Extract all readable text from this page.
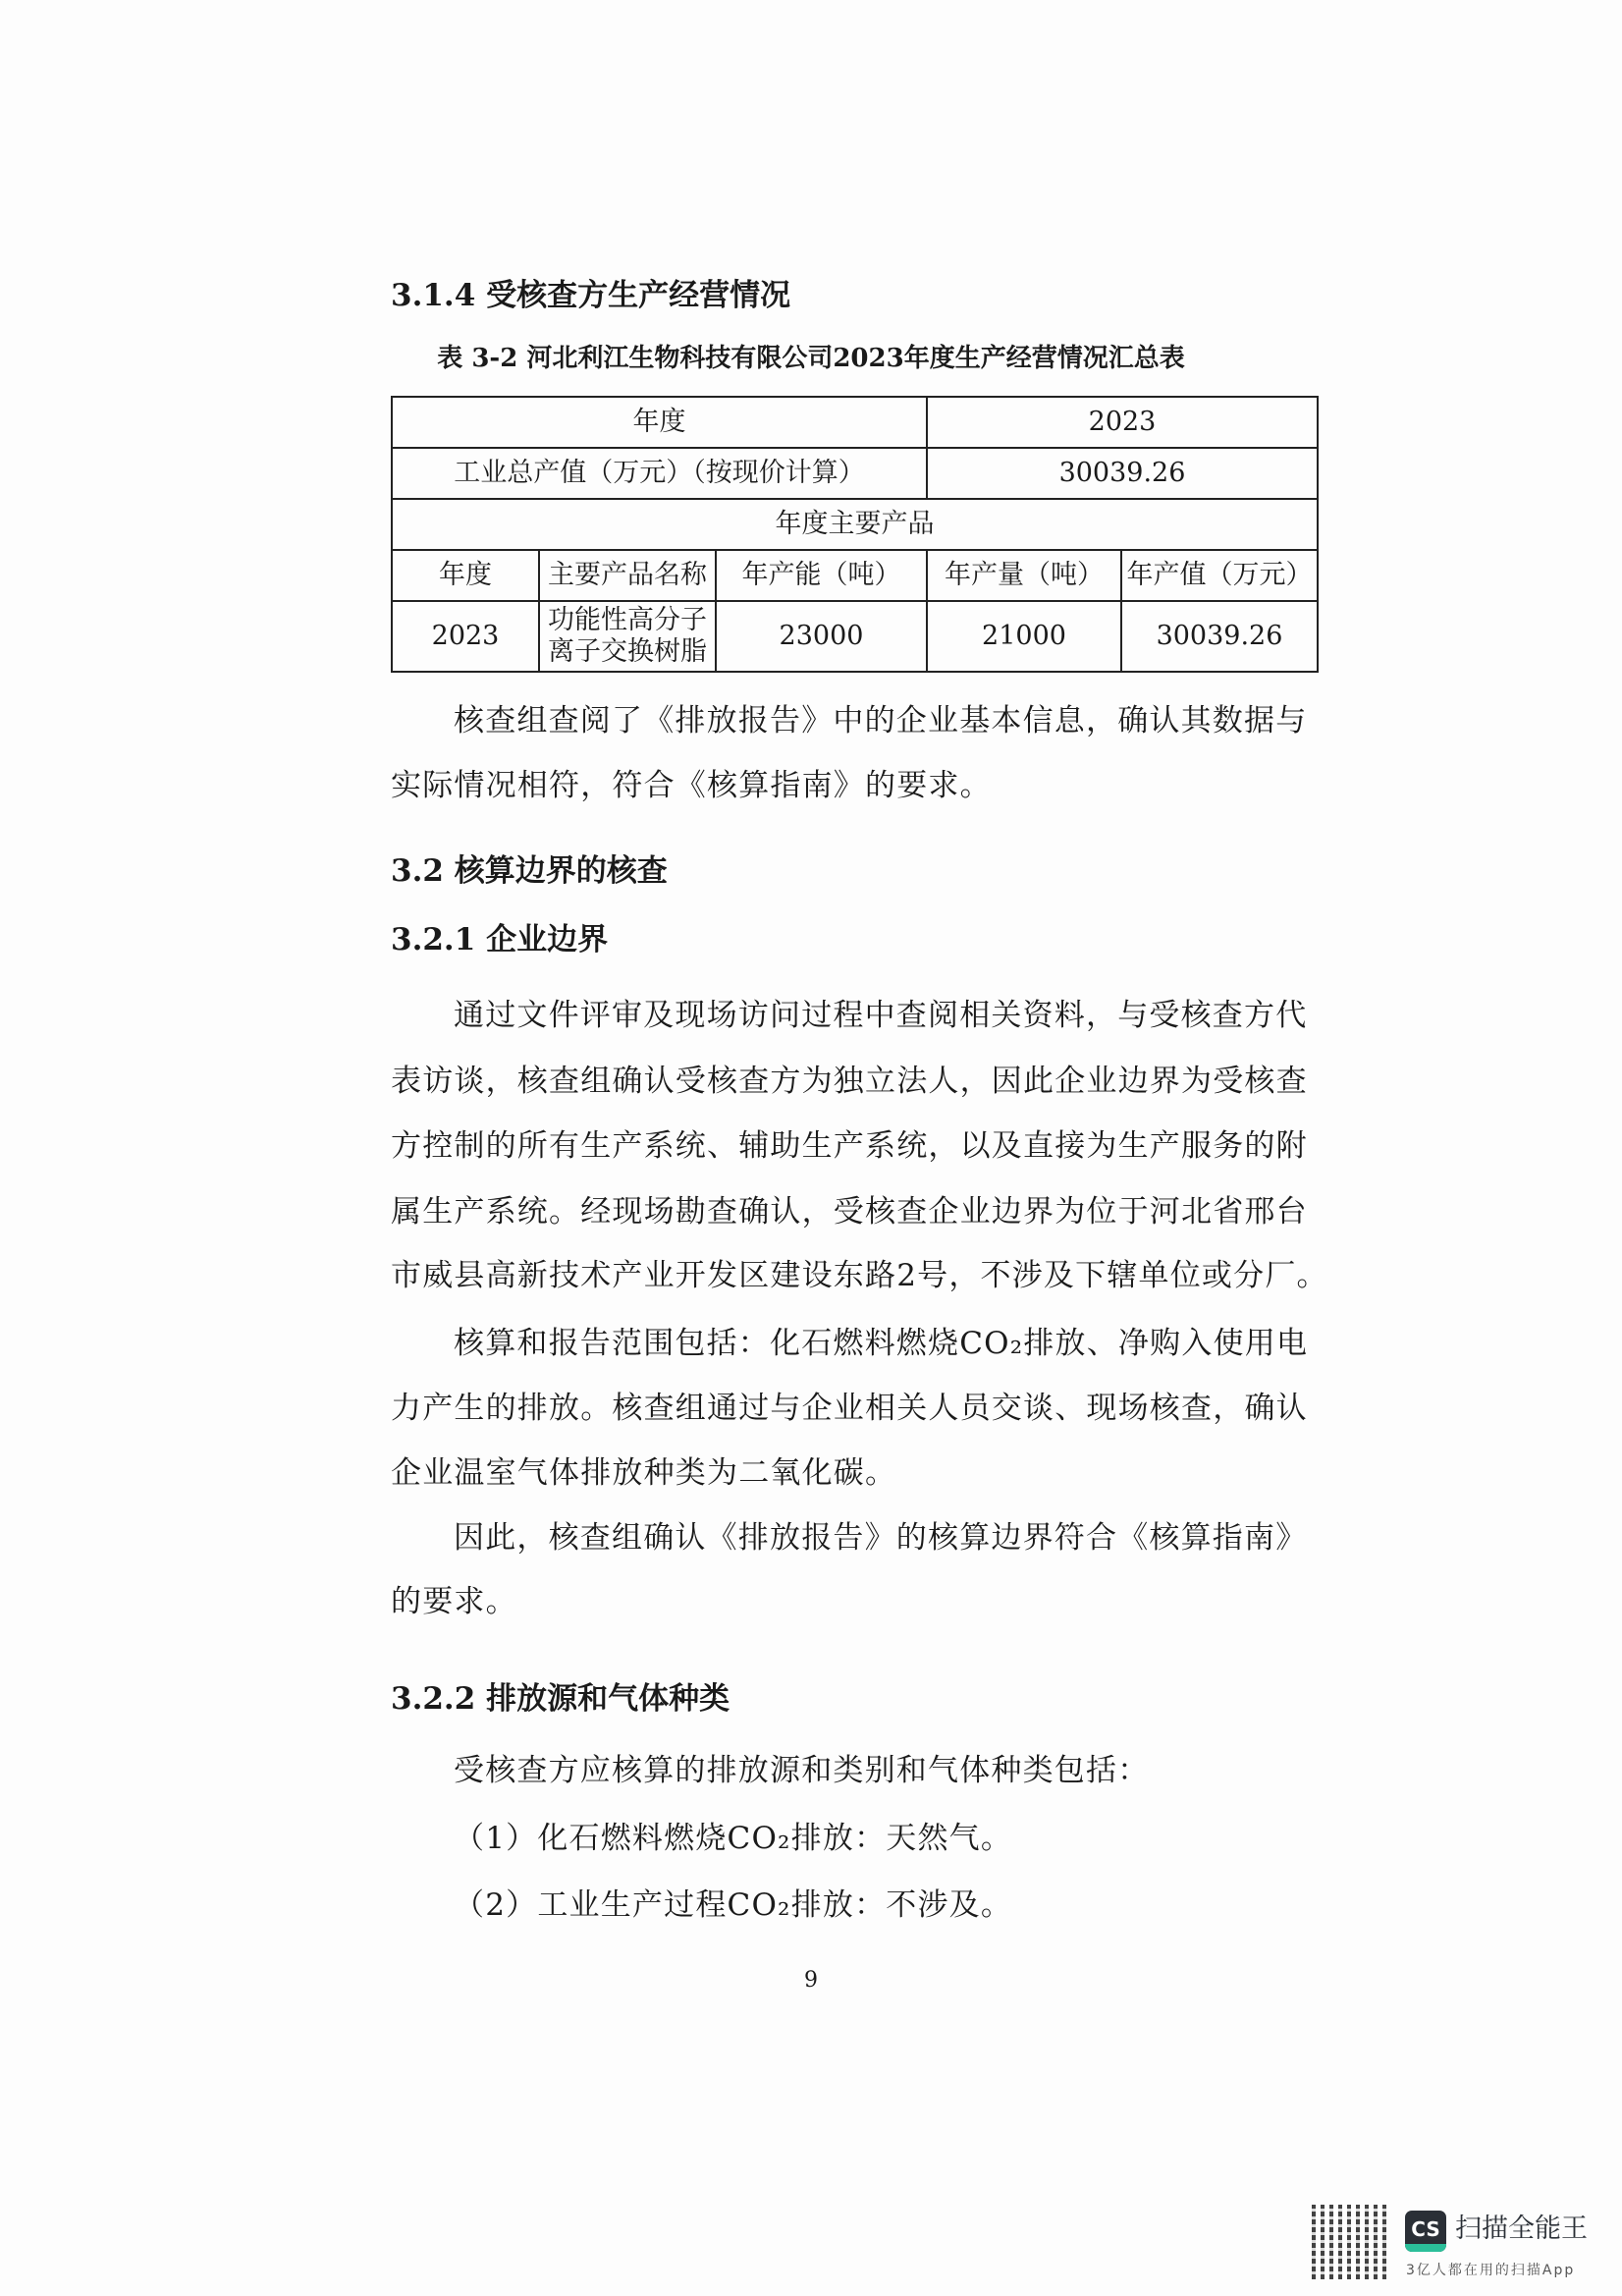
3.1.4 受核查方生产经营情况
表 3-2 河北利江生物科技有限公司2023年度生产经营情况汇总表
年度			2023	
工业总产值（万元）（按现价计算）			30039.26	
年度主要产品				
年度	主要产品名称	年产能（吨）	年产量（吨）	年产值（万元）
2023	功能性高分子离子交换树脂	23000	21000	30039.26
核查组查阅了《排放报告》中的企业基本信息，确认其数据与
实际情况相符，符合《核算指南》的要求。
3.2 核算边界的核查
3.2.1 企业边界
通过文件评审及现场访问过程中查阅相关资料，与受核查方代
表访谈，核查组确认受核查方为独立法人，因此企业边界为受核查
方控制的所有生产系统、辅助生产系统，以及直接为生产服务的附
属生产系统。经现场勘查确认，受核查企业边界为位于河北省邢台
市威县高新技术产业开发区建设东路2号，不涉及下辖单位或分厂。
核算和报告范围包括：化石燃料燃烧CO₂排放、净购入使用电
力产生的排放。核查组通过与企业相关人员交谈、现场核查，确认
企业温室气体排放种类为二氧化碳。
因此，核查组确认《排放报告》的核算边界符合《核算指南》
的要求。
3.2.2 排放源和气体种类
受核查方应核算的排放源和类别和气体种类包括：
（1）化石燃料燃烧CO₂排放：天然气。
（2）工业生产过程CO₂排放：不涉及。
9
CS 扫描全能王
3亿人都在用的扫描App
